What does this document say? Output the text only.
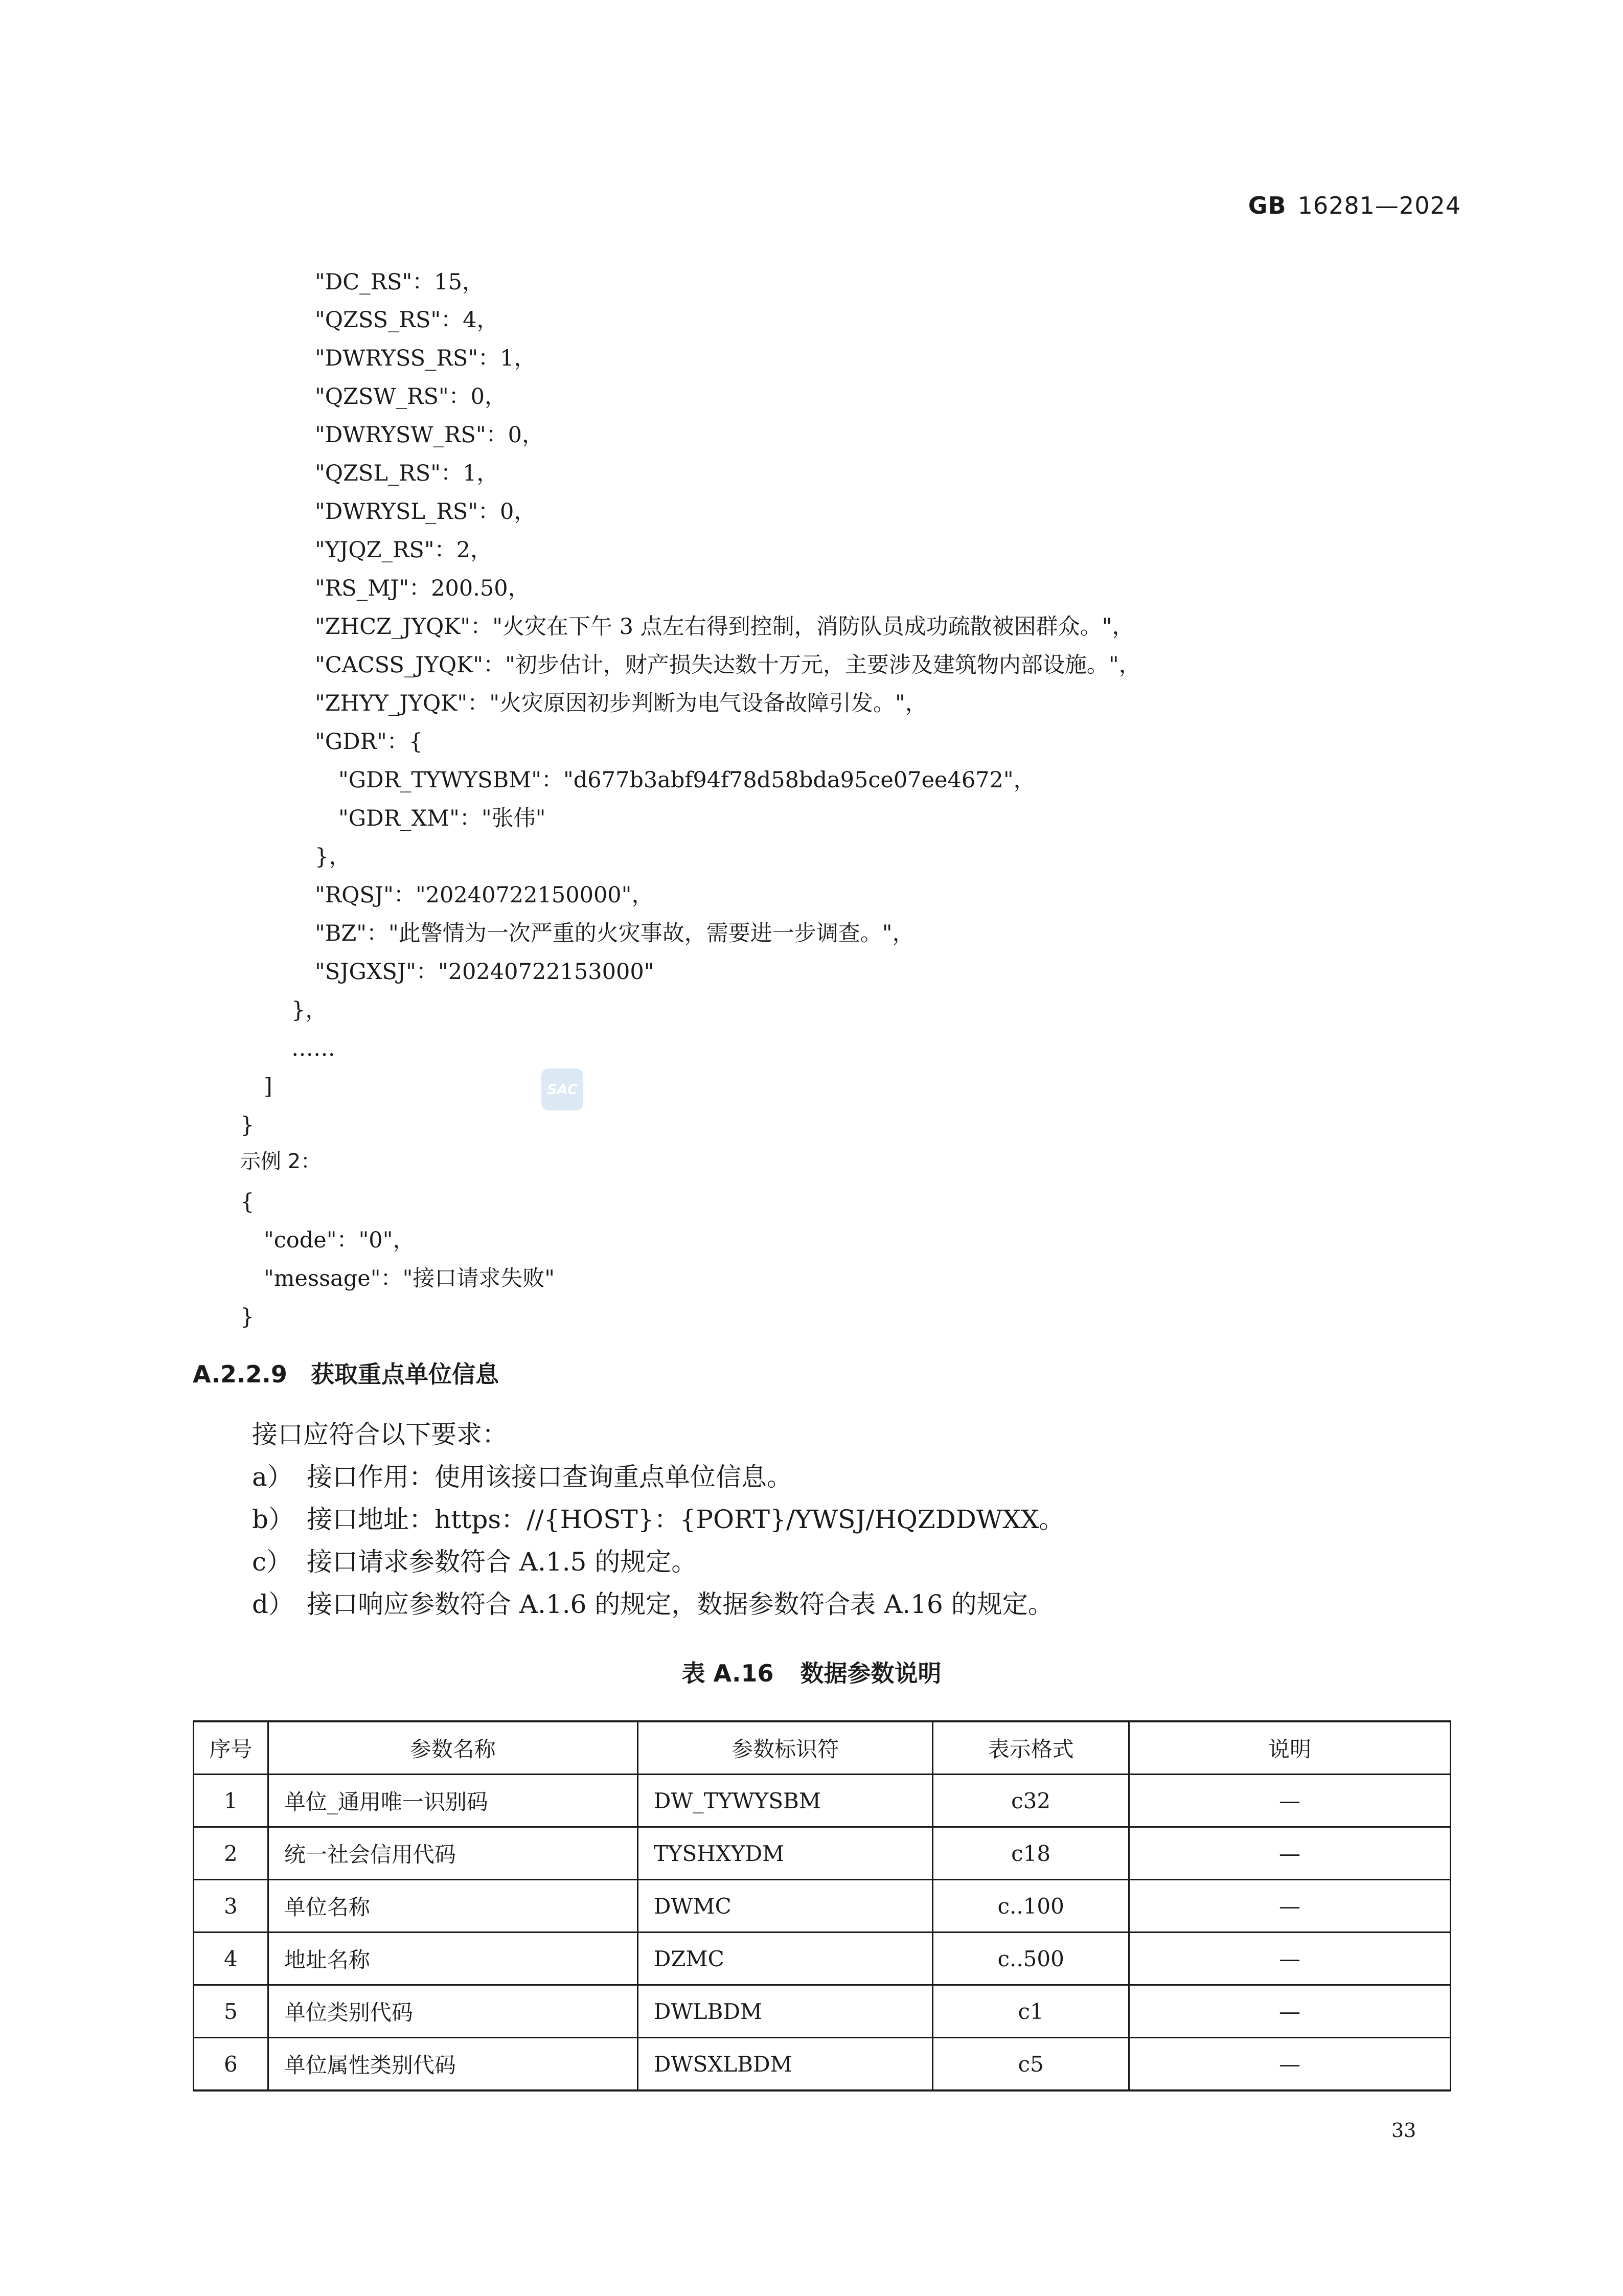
GB 16281—2024
"DC_RS"：15，
"QZSS_RS"：4，
"DWRYSS_RS"：1，
"QZSW_RS"：0，
"DWRYSW_RS"：0，
"QZSL_RS"：1，
"DWRYSL_RS"：0，
"YJQZ_RS"：2，
"RS_MJ"：200.50，
"ZHCZ_JYQK"："火灾在下午 3 点左右得到控制，消防队员成功疏散被困群众。"，
"CACSS_JYQK"："初步估计，财产损失达数十万元，主要涉及建筑物内部设施。"，
"ZHYY_JYQK"："火灾原因初步判断为电气设备故障引发。"，
"GDR"：{
"GDR_TYWYSBM"："d677b3abf94f78d58bda95ce07ee4672"，
"GDR_XM"："张伟"
}，
"RQSJ"："20240722150000"，
"BZ"："此警情为一次严重的火灾事故，需要进一步调查。"，
"SJGXSJ"："20240722153000"
}，
……
]
}
{
"code"："0"，
"message"："接口请求失败"
}
SAC
示例 2：
A.2.2.9 获取重点单位信息
接口应符合以下要求：
a） 接口作用：使用该接口查询重点单位信息。
b） 接口地址：https：//{HOST}：{PORT}/YWSJ/HQZDDWXX。
c） 接口请求参数符合 A.1.5 的规定。
d） 接口响应参数符合 A.1.6 的规定，数据参数符合表 A.16 的规定。
表 A.16 数据参数说明
序号	参数名称	参数标识符	表示格式	说明
1	单位_通用唯一识别码	DW_TYWYSBM	c32	—
2	统一社会信用代码	TYSHXYDM	c18	—
3	单位名称	DWMC	c..100	—
4	地址名称	DZMC	c..500	—
5	单位类别代码	DWLBDM	c1	—
6	单位属性类别代码	DWSXLBDM	c5	—
33
